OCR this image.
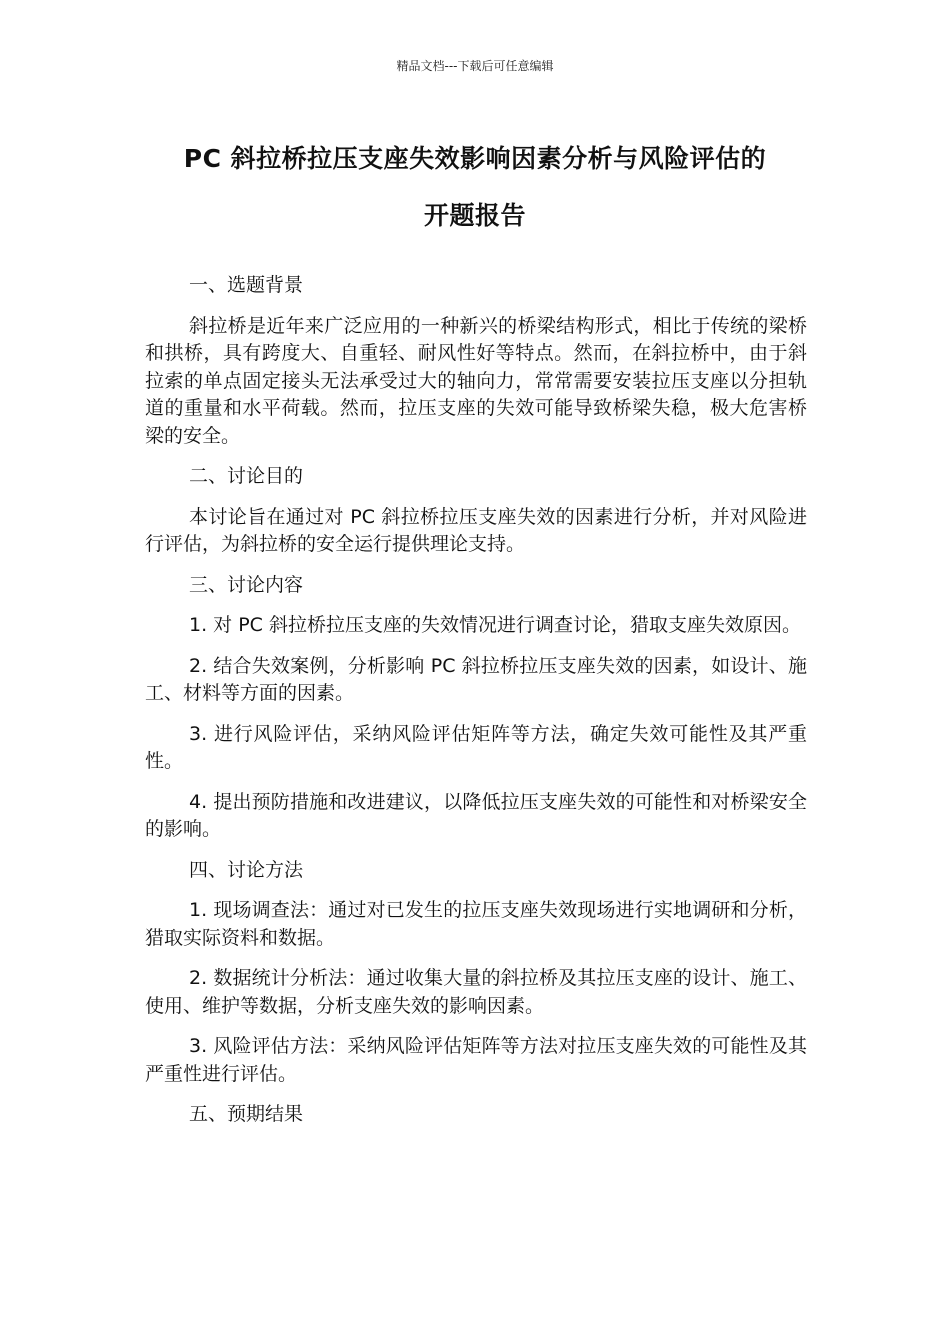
精品文档---下载后可任意编辑
PC 斜拉桥拉压支座失效影响因素分析与风险评估的
开题报告

一、选题背景

斜拉桥是近年来广泛应用的一种新兴的桥梁结构形式，相比于传统的梁桥和拱桥，具有跨度大、自重轻、耐风性好等特点。然而，在斜拉桥中，由于斜拉索的单点固定接头无法承受过大的轴向力，常常需要安装拉压支座以分担轨道的重量和水平荷载。然而，拉压支座的失效可能导致桥梁失稳，极大危害桥梁的安全。

二、讨论目的

本讨论旨在通过对 PC 斜拉桥拉压支座失效的因素进行分析，并对风险进行评估，为斜拉桥的安全运行提供理论支持。

三、讨论内容

1. 对 PC 斜拉桥拉压支座的失效情况进行调查讨论，猎取支座失效原因。

2. 结合失效案例，分析影响 PC 斜拉桥拉压支座失效的因素，如设计、施工、材料等方面的因素。

3. 进行风险评估，采纳风险评估矩阵等方法，确定失效可能性及其严重性。

4. 提出预防措施和改进建议，以降低拉压支座失效的可能性和对桥梁安全的影响。

四、讨论方法

1. 现场调查法：通过对已发生的拉压支座失效现场进行实地调研和分析，猎取实际资料和数据。

2. 数据统计分析法：通过收集大量的斜拉桥及其拉压支座的设计、施工、使用、维护等数据，分析支座失效的影响因素。

3. 风险评估方法：采纳风险评估矩阵等方法对拉压支座失效的可能性及其严重性进行评估。

五、预期结果
